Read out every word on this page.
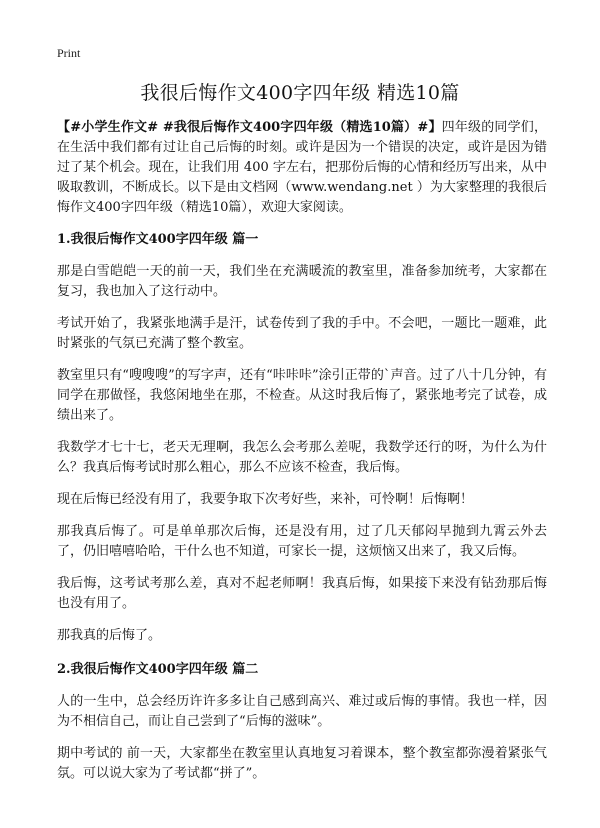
Print
我很后悔作文400字四年级 精选10篇

【#小学生作文# #我很后悔作文400字四年级（精选10篇）#】四年级的同学们，在生活中我们都有过让自己后悔的时刻。或许是因为一个错误的决定，或许是因为错过了某个机会。现在，让我们用 400 字左右，把那份后悔的心情和经历写出来，从中吸取教训，不断成长。以下是由文档网（www.wendang.net ）为大家整理的我很后悔作文400字四年级（精选10篇），欢迎大家阅读。

1.我很后悔作文400字四年级 篇一

那是白雪皑皑一天的前一天，我们坐在充满暖流的教室里，准备参加统考，大家都在复习，我也加入了这行动中。

考试开始了，我紧张地满手是汗，试卷传到了我的手中。不会吧，一题比一题难，此时紧张的气氛已充满了整个教室。

教室里只有“嗖嗖嗖”的写字声，还有“咔咔咔”涂引正带的`声音。过了八十几分钟，有同学在那做怪，我悠闲地坐在那，不检查。从这时我后悔了，紧张地考完了试卷，成绩出来了。

我数学才七十七，老天无理啊，我怎么会考那么差呢，我数学还行的呀，为什么为什么？我真后悔考试时那么粗心，那么不应该不检查，我后悔。

现在后悔已经没有用了，我要争取下次考好些，来补，可怜啊！后悔啊！

那我真后悔了。可是单单那次后悔，还是没有用，过了几天郁闷早抛到九霄云外去了，仍旧嘻嘻哈哈，干什么也不知道，可家长一提，这烦恼又出来了，我又后悔。

我后悔，这考试考那么差，真对不起老师啊！我真后悔，如果接下来没有钻劲那后悔也没有用了。

那我真的后悔了。

2.我很后悔作文400字四年级 篇二

人的一生中，总会经历许许多多让自己感到高兴、难过或后悔的事情。我也一样，因为不相信自己，而让自己尝到了“后悔的滋味”。

期中考试的 前一天，大家都坐在教室里认真地复习着课本，整个教室都弥漫着紧张气氛。可以说大家为了考试都“拼了”。
